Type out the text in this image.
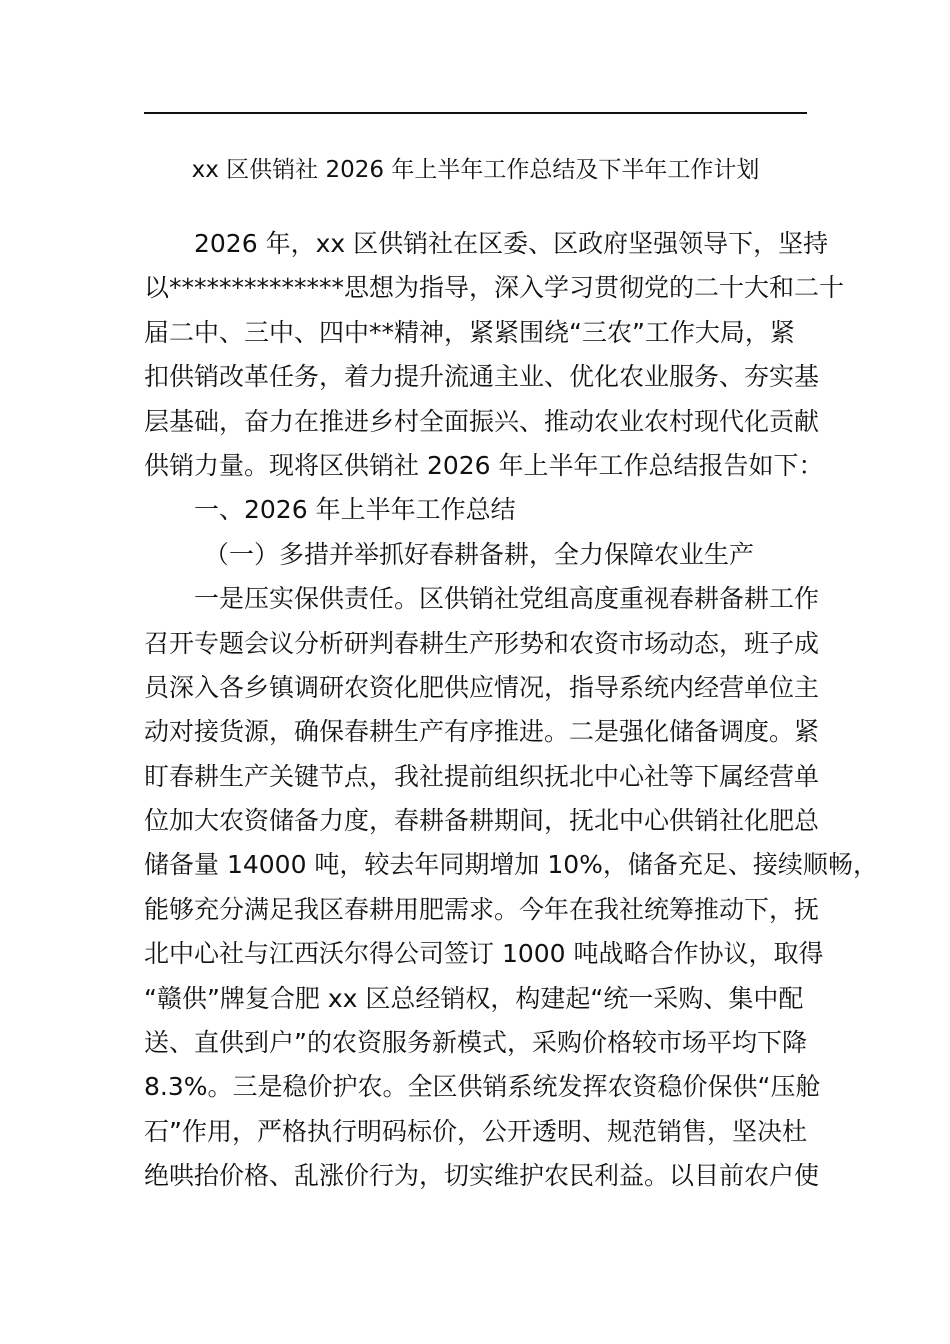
xx 区供销社 2026 年上半年工作总结及下半年工作计划
2026 年，xx 区供销社在区委、区政府坚强领导下，坚持
以**************思想为指导，深入学习贯彻党的二十大和二十
届二中、三中、四中**精神，紧紧围绕“三农”工作大局，紧
扣供销改革任务，着力提升流通主业、优化农业服务、夯实基
层基础，奋力在推进乡村全面振兴、推动农业农村现代化贡献
供销力量。现将区供销社 2026 年上半年工作总结报告如下：
一、2026 年上半年工作总结
（一）多措并举抓好春耕备耕，全力保障农业生产
一是压实保供责任。区供销社党组高度重视春耕备耕工作
召开专题会议分析研判春耕生产形势和农资市场动态，班子成
员深入各乡镇调研农资化肥供应情况，指导系统内经营单位主
动对接货源，确保春耕生产有序推进。二是强化储备调度。紧
盯春耕生产关键节点，我社提前组织抚北中心社等下属经营单
位加大农资储备力度，春耕备耕期间，抚北中心供销社化肥总
储备量 14000 吨，较去年同期增加 10%，储备充足、接续顺畅，
能够充分满足我区春耕用肥需求。今年在我社统筹推动下，抚
北中心社与江西沃尔得公司签订 1000 吨战略合作协议，取得
“赣供”牌复合肥 xx 区总经销权，构建起“统一采购、集中配
送、直供到户”的农资服务新模式，采购价格较市场平均下降
8.3%。三是稳价护农。全区供销系统发挥农资稳价保供“压舱
石”作用，严格执行明码标价，公开透明、规范销售，坚决杜
绝哄抬价格、乱涨价行为，切实维护农民利益。以目前农户使
